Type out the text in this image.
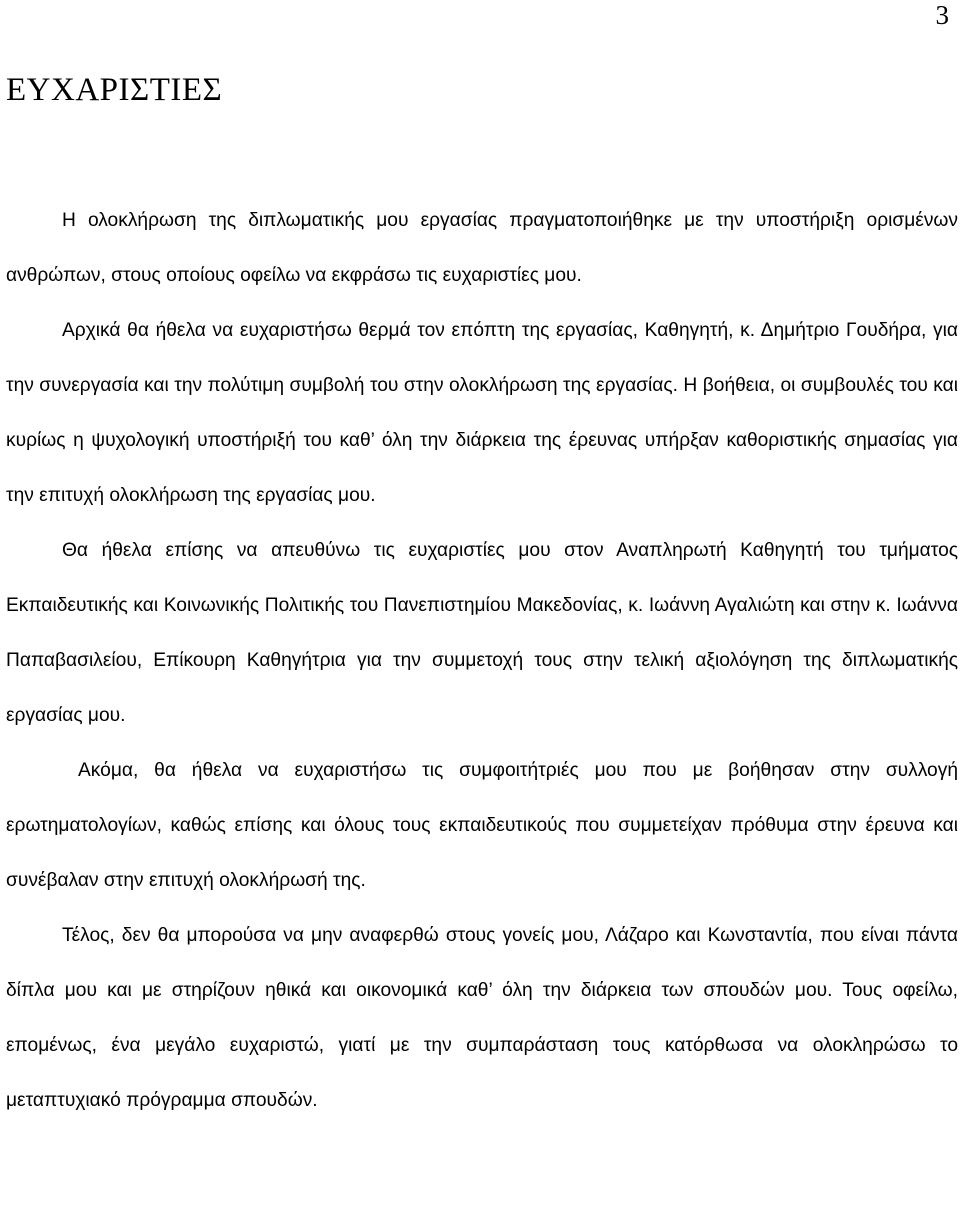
3
ΕΥΧΑΡΙΣΤΙΕΣ

Η ολοκλήρωση της διπλωματικής μου εργασίας πραγματοποιήθηκε με την υποστήριξη ορισμένων ανθρώπων, στους οποίους οφείλω να εκφράσω τις ευχαριστίες μου.

Αρχικά θα ήθελα να ευχαριστήσω θερμά τον επόπτη της εργασίας, Καθηγητή, κ. Δημήτριο Γουδήρα, για την συνεργασία και την πολύτιμη συμβολή του στην ολοκλήρωση της εργασίας. Η βοήθεια, οι συμβουλές του και κυρίως η ψυχολογική υποστήριξή του καθ’ όλη την διάρκεια της έρευνας υπήρξαν καθοριστικής σημασίας για την επιτυχή ολοκλήρωση της εργασίας μου.

Θα ήθελα επίσης να απευθύνω τις ευχαριστίες μου στον Αναπληρωτή Καθηγητή του τμήματος Εκπαιδευτικής και Κοινωνικής Πολιτικής του Πανεπιστημίου Μακεδονίας, κ. Ιωάννη Αγαλιώτη και στην κ. Ιωάννα Παπαβασιλείου, Επίκουρη Καθηγήτρια για την συμμετοχή τους στην τελική αξιολόγηση της διπλωματικής εργασίας μου.

Ακόμα, θα ήθελα να ευχαριστήσω τις συμφοιτήτριές μου που με βοήθησαν στην συλλογή ερωτηματολογίων, καθώς επίσης και όλους τους εκπαιδευτικούς που συμμετείχαν πρόθυμα στην έρευνα και συνέβαλαν στην επιτυχή ολοκλήρωσή της.

Τέλος, δεν θα μπορούσα να μην αναφερθώ στους γονείς μου, Λάζαρο και Κωνσταντία, που είναι πάντα δίπλα μου και με στηρίζουν ηθικά και οικονομικά καθ’ όλη την διάρκεια των σπουδών μου. Τους οφείλω, επομένως, ένα μεγάλο ευχαριστώ, γιατί με την συμπαράσταση τους κατόρθωσα να ολοκληρώσω το μεταπτυχιακό πρόγραμμα σπουδών.
